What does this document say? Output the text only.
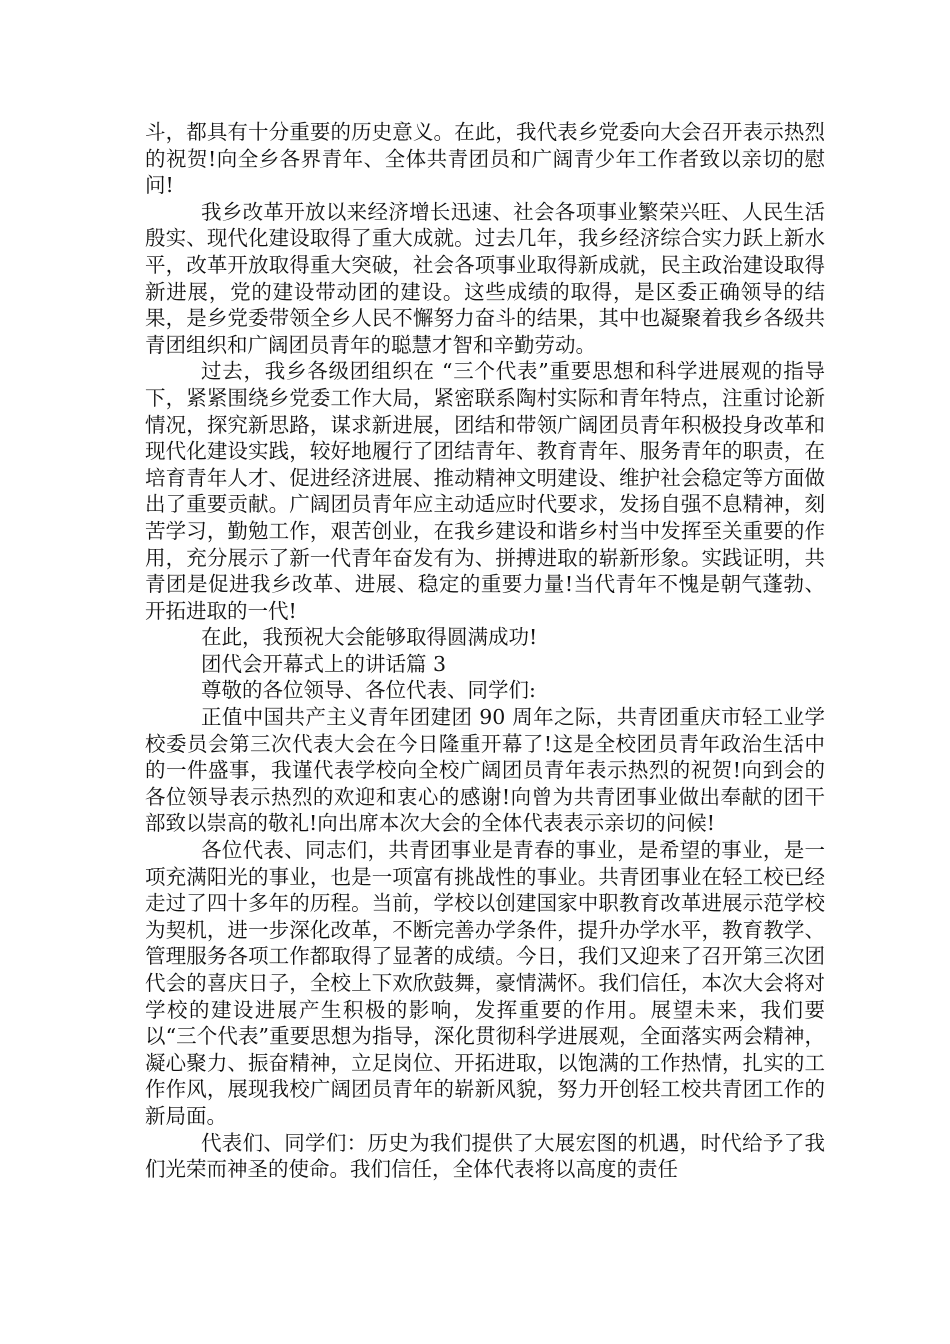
斗，都具有十分重要的历史意义。在此，我代表乡党委向大会召开表示热烈的祝贺!向全乡各界青年、全体共青团员和广阔青少年工作者致以亲切的慰问!

我乡改革开放以来经济增长迅速、社会各项事业繁荣兴旺、人民生活殷实、现代化建设取得了重大成就。过去几年，我乡经济综合实力跃上新水平，改革开放取得重大突破，社会各项事业取得新成就，民主政治建设取得新进展，党的建设带动团的建设。这些成绩的取得，是区委正确领导的结果，是乡党委带领全乡人民不懈努力奋斗的结果，其中也凝聚着我乡各级共青团组织和广阔团员青年的聪慧才智和辛勤劳动。

过去，我乡各级团组织在 “三个代表”重要思想和科学进展观的指导下，紧紧围绕乡党委工作大局，紧密联系陶村实际和青年特点，注重讨论新情况，探究新思路，谋求新进展，团结和带领广阔团员青年积极投身改革和现代化建设实践，较好地履行了团结青年、教育青年、服务青年的职责，在培育青年人才、促进经济进展、推动精神文明建设、维护社会稳定等方面做出了重要贡献。广阔团员青年应主动适应时代要求，发扬自强不息精神，刻苦学习，勤勉工作，艰苦创业，在我乡建设和谐乡村当中发挥至关重要的作用，充分展示了新一代青年奋发有为、拼搏进取的崭新形象。实践证明，共青团是促进我乡改革、进展、稳定的重要力量!当代青年不愧是朝气蓬勃、开拓进取的一代!

在此，我预祝大会能够取得圆满成功!

团代会开幕式上的讲话篇 3

尊敬的各位领导、各位代表、同学们:

正值中国共产主义青年团建团 90 周年之际，共青团重庆市轻工业学校委员会第三次代表大会在今日隆重开幕了!这是全校团员青年政治生活中的一件盛事，我谨代表学校向全校广阔团员青年表示热烈的祝贺!向到会的各位领导表示热烈的欢迎和衷心的感谢!向曾为共青团事业做出奉献的团干部致以崇高的敬礼!向出席本次大会的全体代表表示亲切的问候!

各位代表、同志们，共青团事业是青春的事业，是希望的事业，是一项充满阳光的事业，也是一项富有挑战性的事业。共青团事业在轻工校已经走过了四十多年的历程。当前，学校以创建国家中职教育改革进展示范学校为契机，进一步深化改革，不断完善办学条件，提升办学水平，教育教学、管理服务各项工作都取得了显著的成绩。今日，我们又迎来了召开第三次团代会的喜庆日子，全校上下欢欣鼓舞，豪情满怀。我们信任，本次大会将对学校的建设进展产生积极的影响，发挥重要的作用。展望未来，我们要以“三个代表”重要思想为指导，深化贯彻科学进展观，全面落实两会精神，凝心聚力、振奋精神，立足岗位、开拓进取，以饱满的工作热情，扎实的工作作风，展现我校广阔团员青年的崭新风貌，努力开创轻工校共青团工作的新局面。

代表们、同学们：历史为我们提供了大展宏图的机遇，时代给予了我们光荣而神圣的使命。我们信任，全体代表将以高度的责任
